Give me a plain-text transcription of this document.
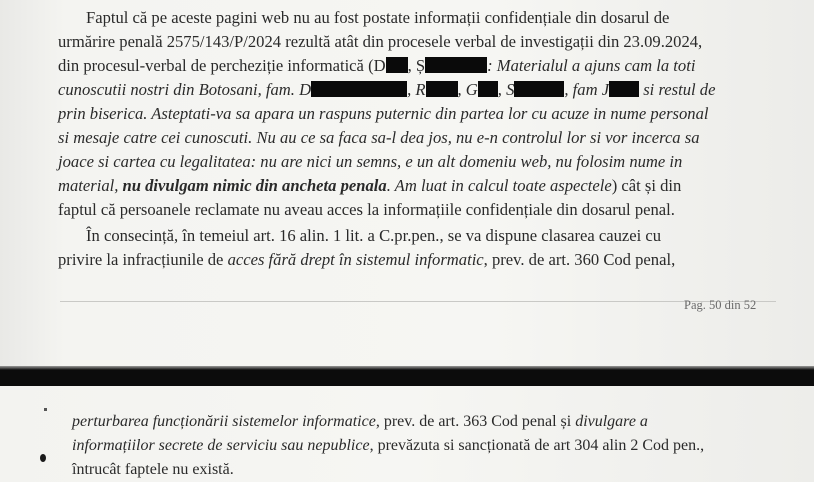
Faptul că pe aceste pagini web nu au fost postate informații confidențiale din dosarul de
urmărire penală 2575/143/P/2024 rezultă atât din procesele verbal de investigații din 23.09.2024,
din procesul-verbal de percheziție informatică (D , Ș	: Materialul a ajuns cam la toti
cunoscutii nostri din Botosani, fam. D	, R , G , S	, fam J si restul de
prin biserica. Asteptati-va sa apara un raspuns puternic din partea lor cu acuze in nume personal
si mesaje catre cei cunoscuti. Nu au ce sa faca sa-l dea jos, nu e-n controlul lor si vor incerca sa
joace si cartea cu legalitatea: nu are nici un semns, e un alt domeniu web, nu folosim nume in
material, nu divulgam nimic din ancheta penala. Am luat in calcul toate aspectele) cât și din
faptul că persoanele reclamate nu aveau acces la informațiile confidențiale din dosarul penal.
În consecință, în temeiul art. 16 alin. 1 lit. a C.pr.pen., se va dispune clasarea cauzei cu
privire la infracțiunile de acces fără drept în sistemul informatic, prev. de art. 360 Cod penal,
Pag. 50 din 52
perturbarea funcționării sistemelor informatice, prev. de art. 363 Cod penal și divulgare a
informațiilor secrete de serviciu sau nepublice, prevăzuta si sancționată de art 304 alin 2 Cod pen.,
întrucât faptele nu există.
